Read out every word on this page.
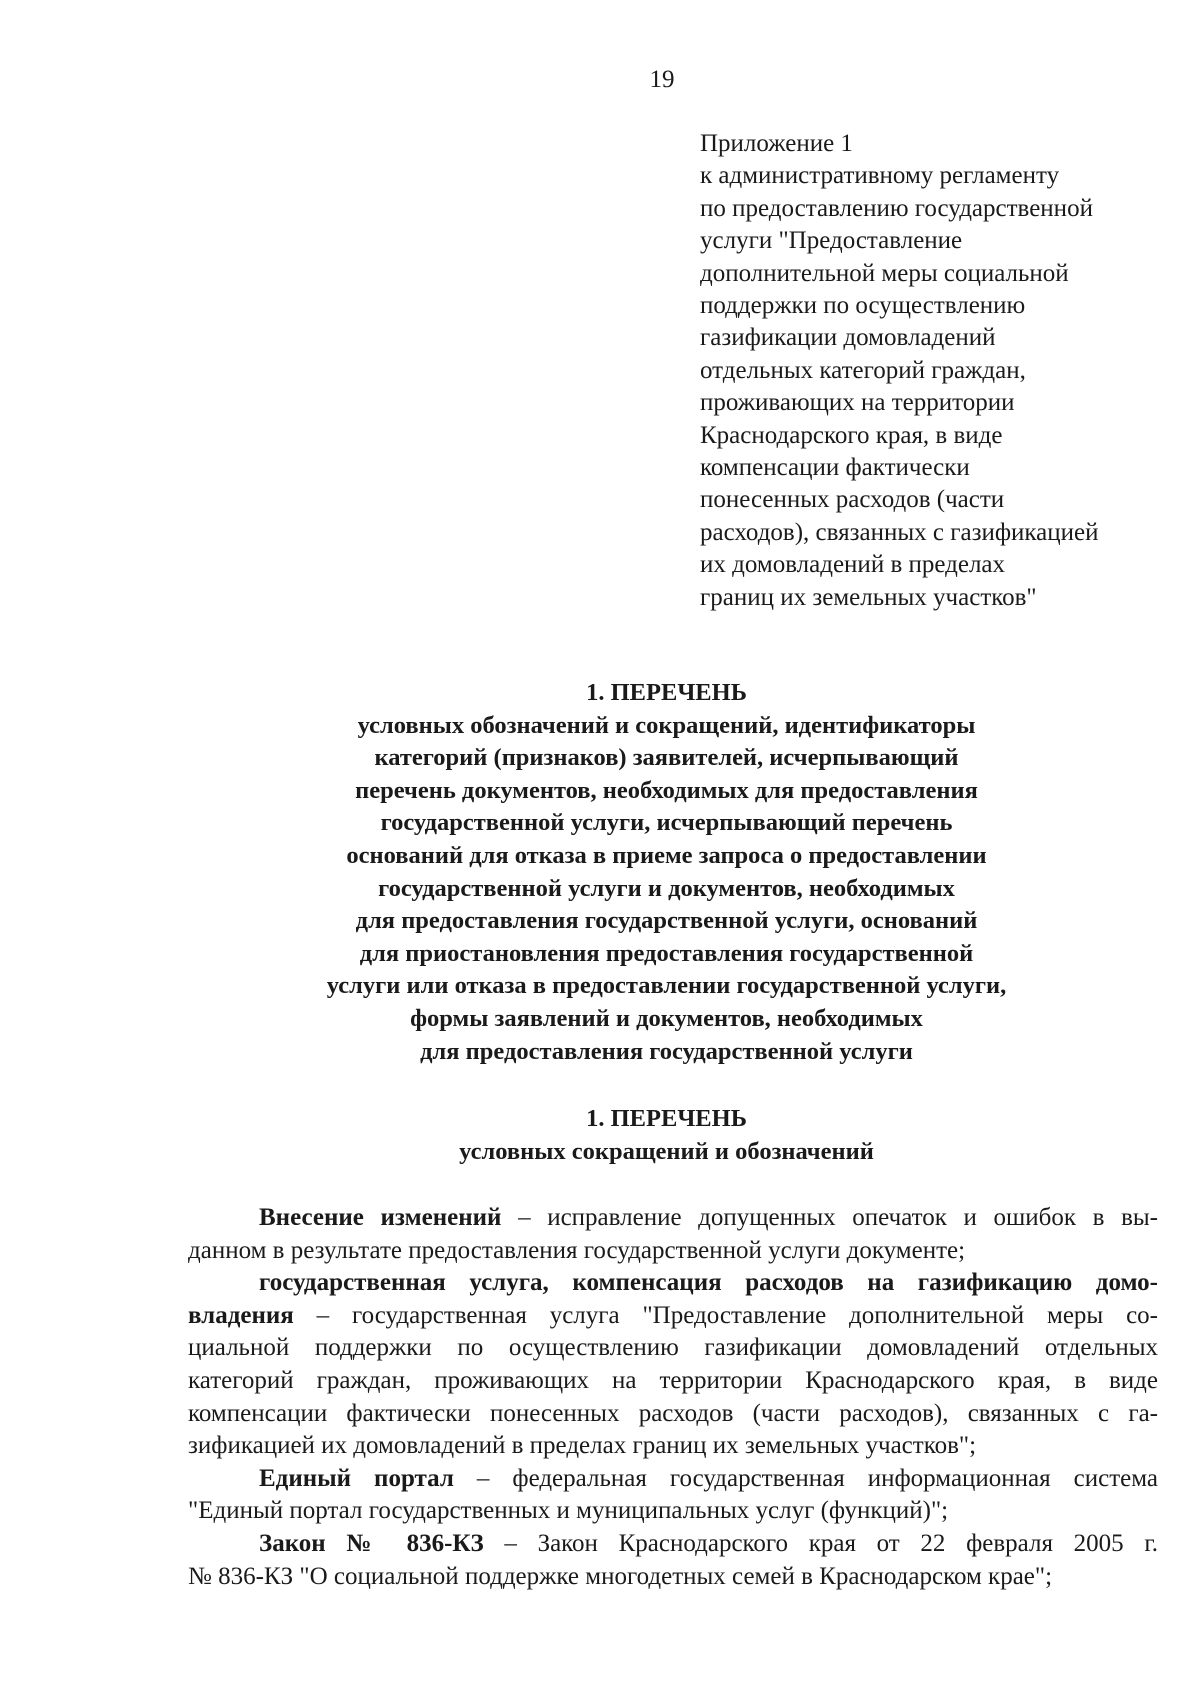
19
Приложение 1
к административному регламенту
по предоставлению государственной
услуги "Предоставление
дополнительной меры социальной
поддержки по осуществлению
газификации домовладений
отдельных категорий граждан,
проживающих на территории
Краснодарского края, в виде
компенсации фактически
понесенных расходов (части
расходов), связанных с газификацией
их домовладений в пределах
границ их земельных участков"
1. ПЕРЕЧЕНЬ
условных обозначений и сокращений, идентификаторы
категорий (признаков) заявителей, исчерпывающий
перечень документов, необходимых для предоставления
государственной услуги, исчерпывающий перечень
оснований для отказа в приеме запроса о предоставлении
государственной услуги и документов, необходимых
для предоставления государственной услуги, оснований
для приостановления предоставления государственной
услуги или отказа в предоставлении государственной услуги,
формы заявлений и документов, необходимых
для предоставления государственной услуги
1. ПЕРЕЧЕНЬ
условных сокращений и обозначений
Внесение изменений – исправление допущенных опечаток и ошибок в вы-
данном в результате предоставления государственной услуги документе;
государственная услуга, компенсация расходов на газификацию домо-
владения – государственная услуга "Предоставление дополнительной меры со-
циальной поддержки по осуществлению газификации домовладений отдельных
категорий граждан, проживающих на территории Краснодарского края, в виде
компенсации фактически понесенных расходов (части расходов), связанных с га-
зификацией их домовладений в пределах границ их земельных участков";
Единый портал – федеральная государственная информационная система
"Единый портал государственных и муниципальных услуг (функций)";
Закон № 836-КЗ – Закон Краснодарского края от 22 февраля 2005 г.
№ 836-КЗ "О социальной поддержке многодетных семей в Краснодарском крае";
